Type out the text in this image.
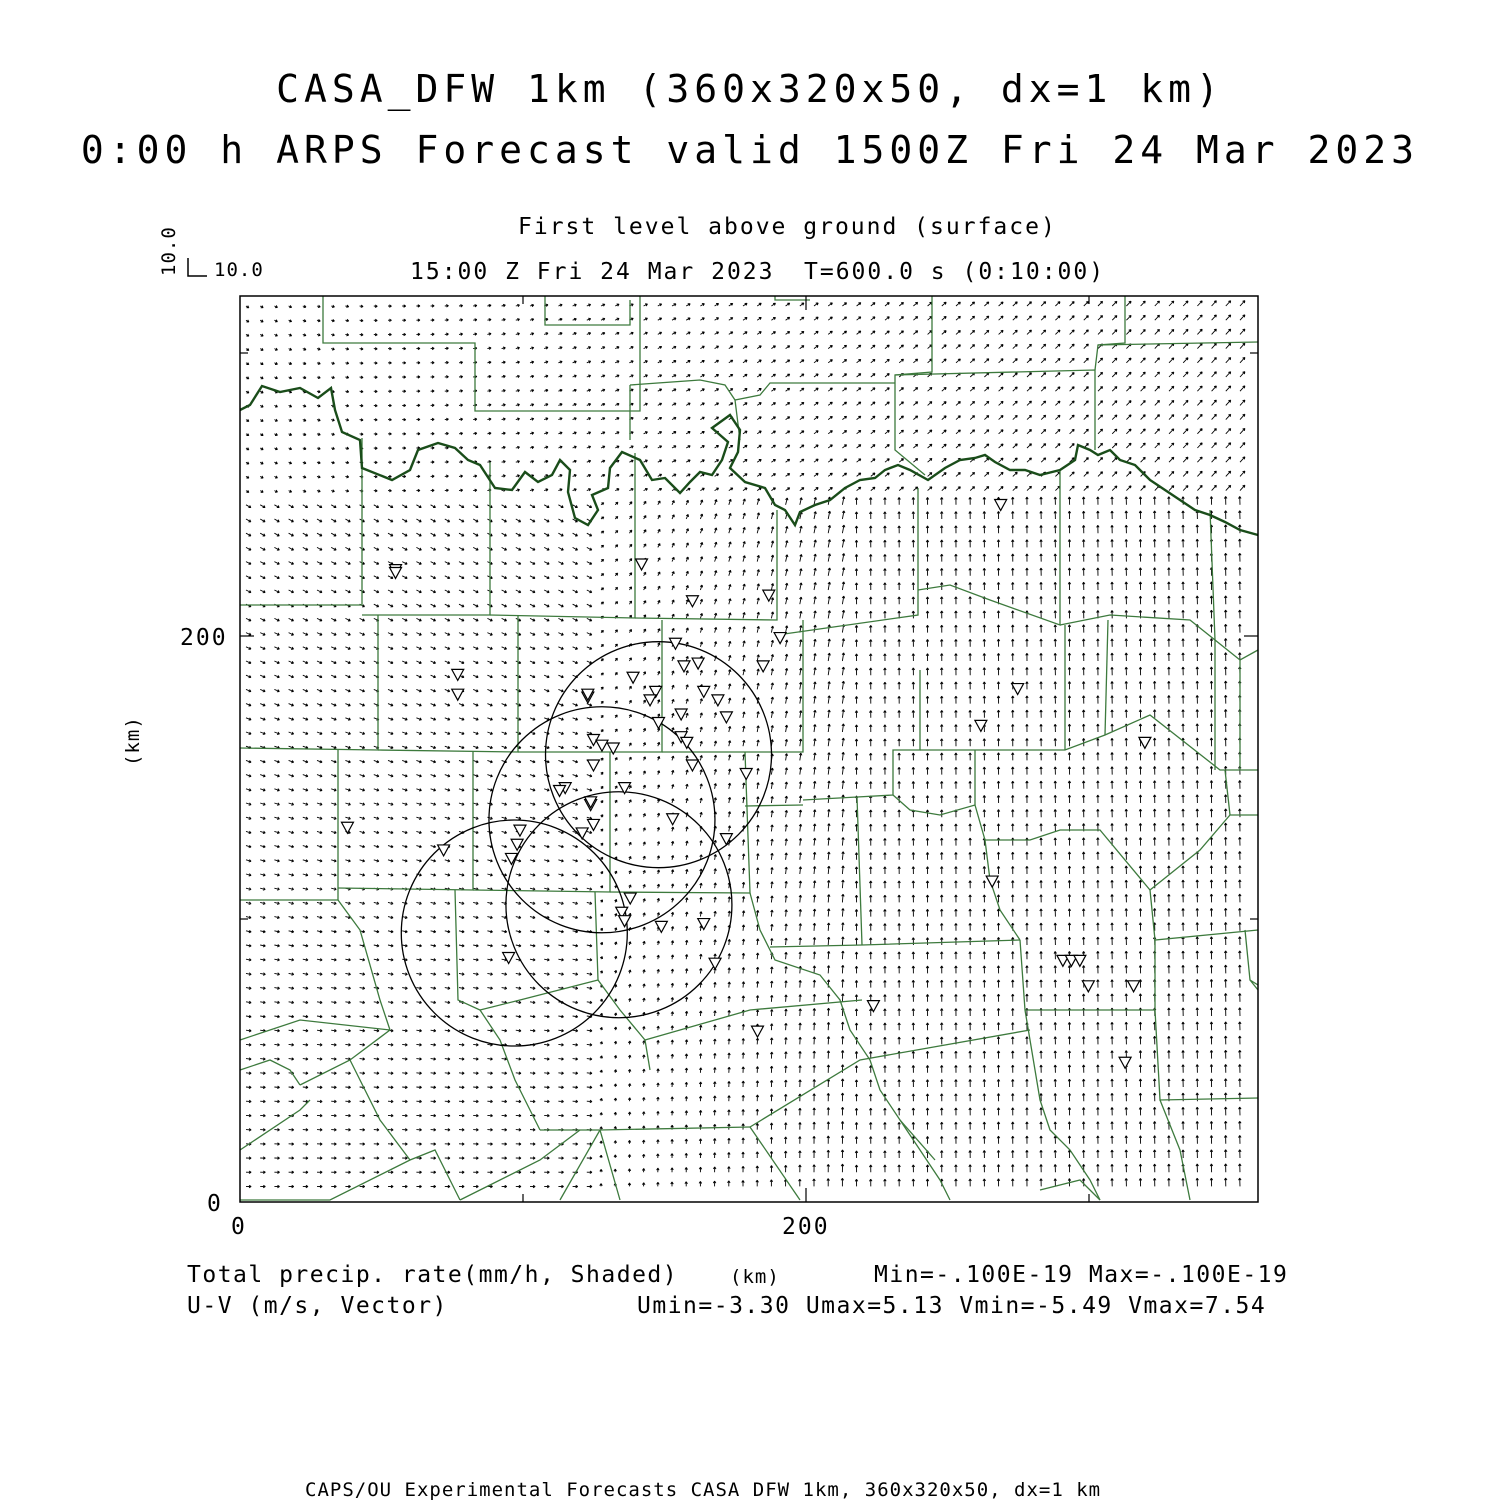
CASA_DFW 1km (360x320x50, dx=1 km)
0:00 h ARPS Forecast valid 1500Z Fri 24 Mar 2023
First level above ground (surface)
15:00 Z Fri 24 Mar 2023 T=600.0 s (0:10:00)
10.0
10.0
200
0
0	200
(km)
Total precip. rate(mm/h, Shaded)	(km)	Min=-.100E-19 Max=-.100E-19
U-V (m/s, Vector)	Umin=-3.30 Umax=5.13 Vmin=-5.49 Vmax=7.54
CAPS/OU Experimental Forecasts CASA DFW 1km, 360x320x50, dx=1 km
